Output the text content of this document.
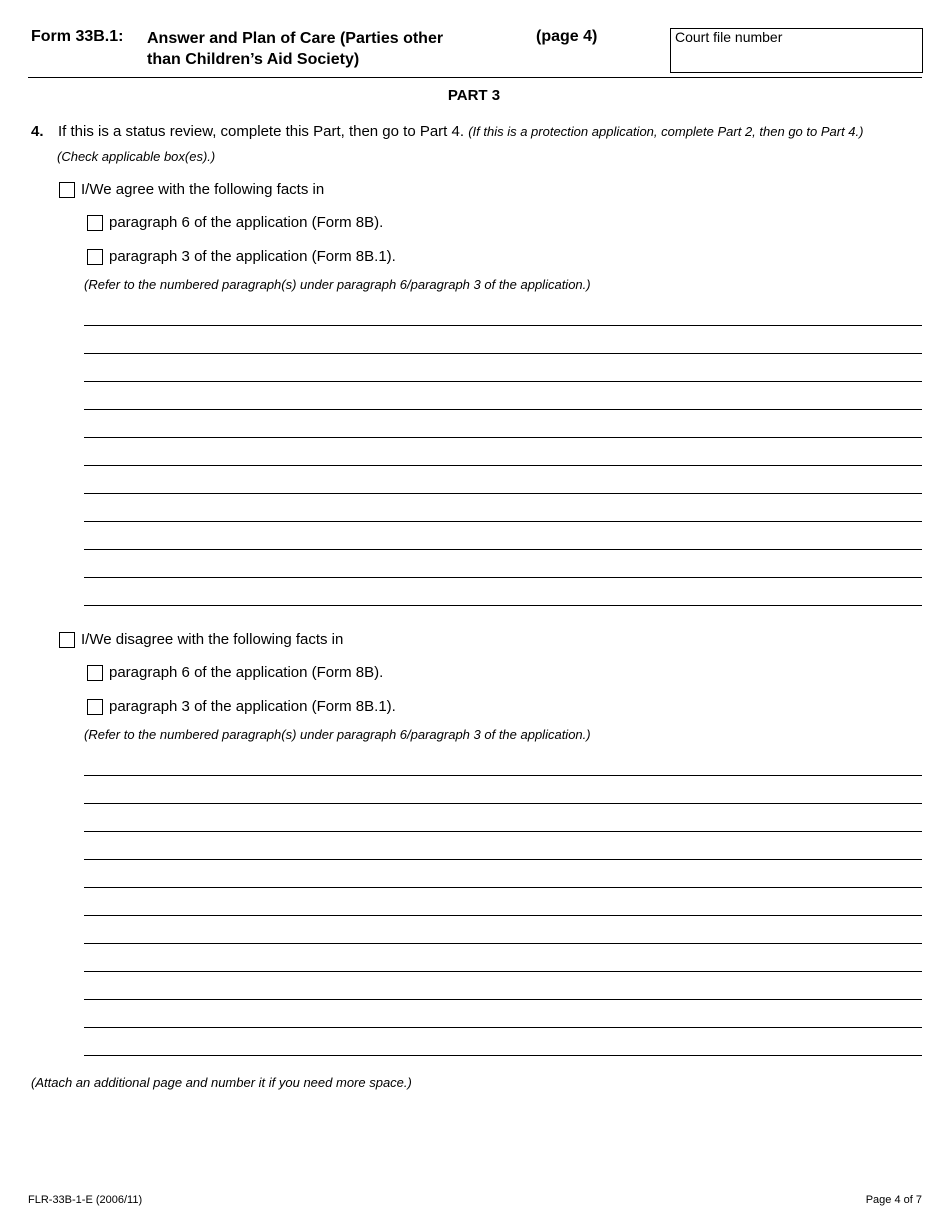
Form 33B.1: Answer and Plan of Care (Parties other
than Children’s Aid Society)
(page 4)	Court file number
PART 3
4. If this is a status review, complete this Part, then go to Part 4. (If this is a protection application, complete Part 2, then go to Part 4.)
(Check applicable box(es).)
I/We agree with the following facts in
paragraph 6 of the application (Form 8B).
paragraph 3 of the application (Form 8B.1).
(Refer to the numbered paragraph(s) under paragraph 6/paragraph 3 of the application.)
I/We disagree with the following facts in
paragraph 6 of the application (Form 8B).
paragraph 3 of the application (Form 8B.1).
(Refer to the numbered paragraph(s) under paragraph 6/paragraph 3 of the application.)
(Attach an additional page and number it if you need more space.)
FLR-33B-1-E (2006/11)	Page 4 of 7
